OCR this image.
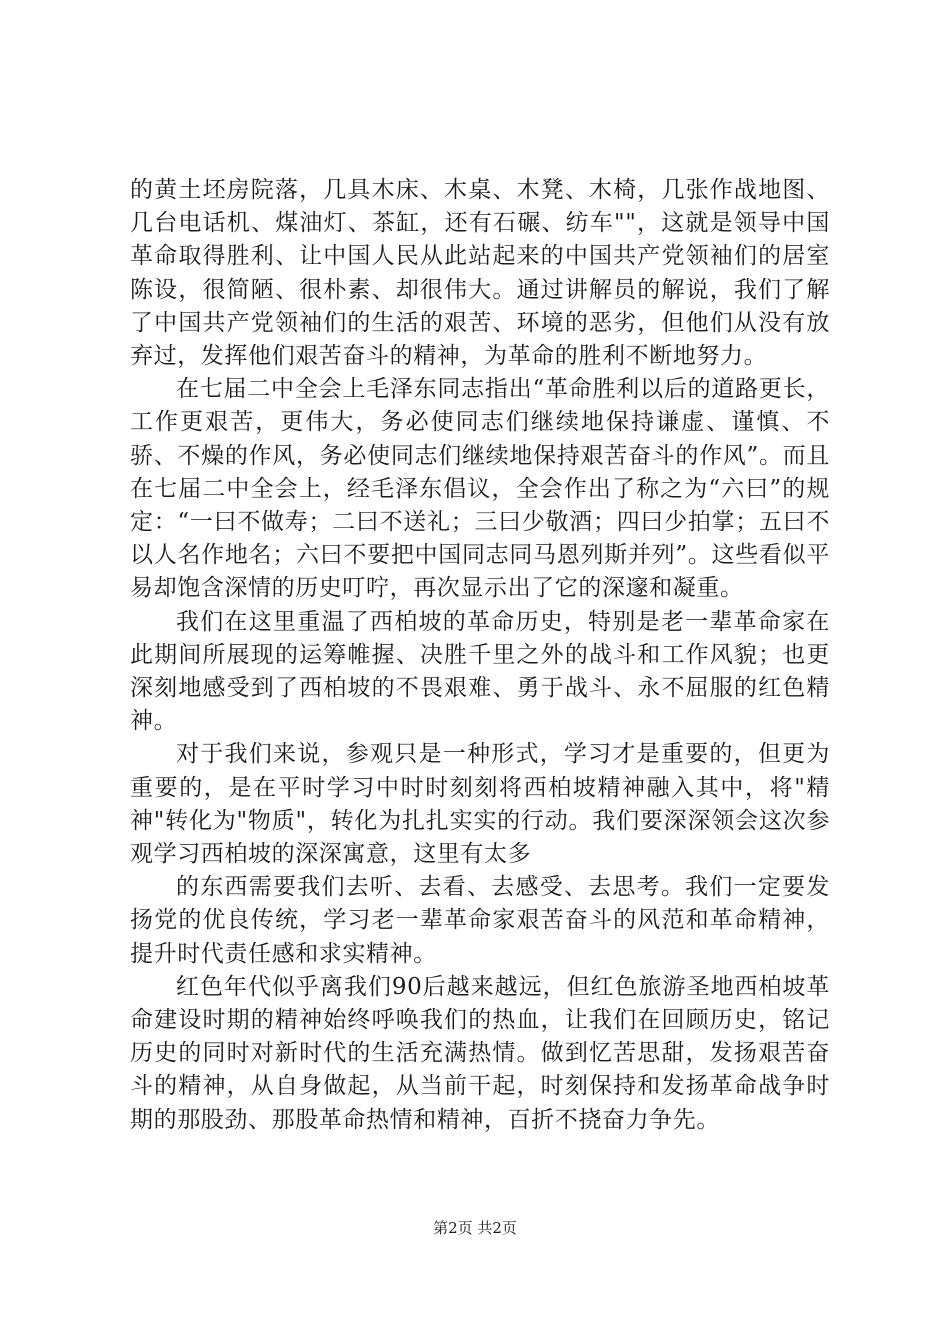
的黄土坯房院落，几具木床、木桌、木凳、木椅，几张作战地图、几台电话机、煤油灯、茶缸，还有石碾、纺车""，这就是领导中国革命取得胜利、让中国人民从此站起来的中国共产党领袖们的居室陈设，很简陋、很朴素、却很伟大。通过讲解员的解说，我们了解了中国共产党领袖们的生活的艰苦、环境的恶劣，但他们从没有放弃过，发挥他们艰苦奋斗的精神，为革命的胜利不断地努力。

在七届二中全会上毛泽东同志指出“革命胜利以后的道路更长，工作更艰苦，更伟大，务必使同志们继续地保持谦虚、谨慎、不骄、不燥的作风，务必使同志们继续地保持艰苦奋斗的作风”。而且在七届二中全会上，经毛泽东倡议，全会作出了称之为“六曰”的规定：“一曰不做寿；二曰不送礼；三曰少敬酒；四曰少拍掌；五曰不以人名作地名；六曰不要把中国同志同马恩列斯并列”。这些看似平易却饱含深情的历史叮咛，再次显示出了它的深邃和凝重。

我们在这里重温了西柏坡的革命历史，特别是老一辈革命家在此期间所展现的运筹帷握、决胜千里之外的战斗和工作风貌；也更深刻地感受到了西柏坡的不畏艰难、勇于战斗、永不屈服的红色精神。

对于我们来说，参观只是一种形式，学习才是重要的，但更为重要的，是在平时学习中时时刻刻将西柏坡精神融入其中，将"精神"转化为"物质"，转化为扎扎实实的行动。我们要深深领会这次参观学习西柏坡的深深寓意，这里有太多

的东西需要我们去听、去看、去感受、去思考。我们一定要发扬党的优良传统，学习老一辈革命家艰苦奋斗的风范和革命精神，提升时代责任感和求实精神。

红色年代似乎离我们90后越来越远，但红色旅游圣地西柏坡革命建设时期的精神始终呼唤我们的热血，让我们在回顾历史，铭记历史的同时对新时代的生活充满热情。做到忆苦思甜，发扬艰苦奋斗的精神，从自身做起，从当前干起，时刻保持和发扬革命战争时期的那股劲、那股革命热情和精神，百折不挠奋力争先。

第2页 共2页
